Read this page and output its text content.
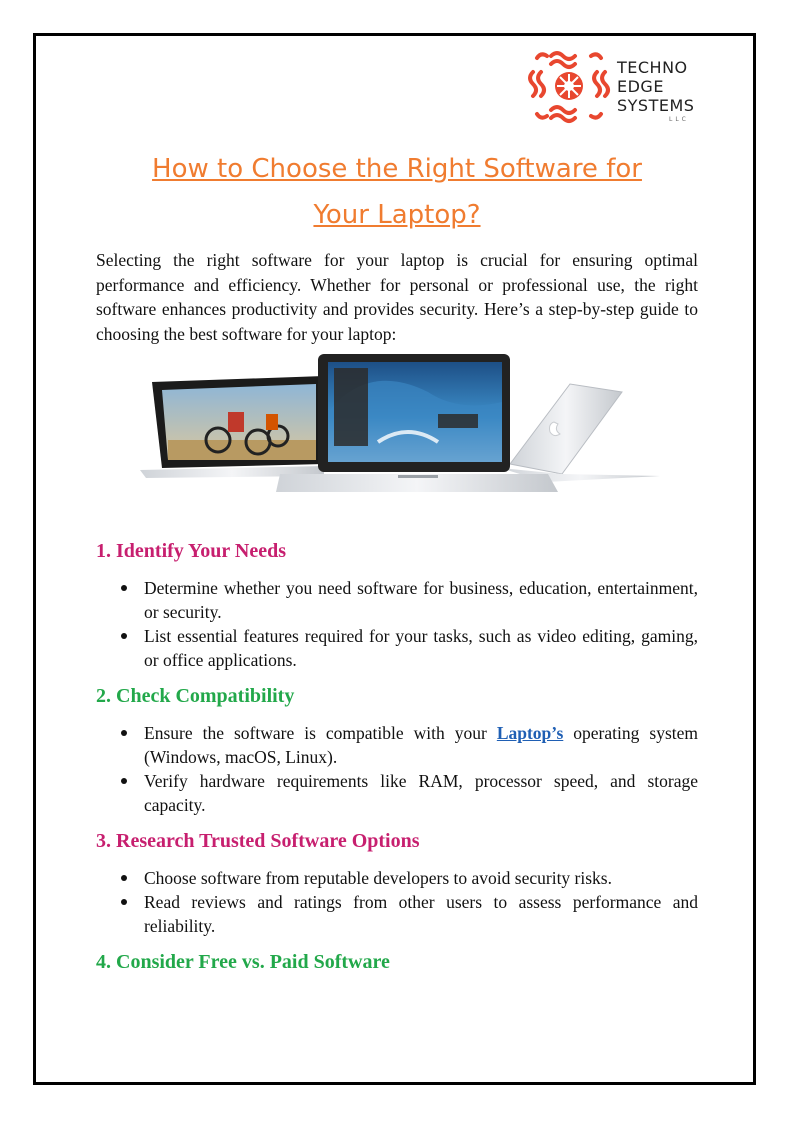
TECHNO
EDGE
SYSTEMS
LLC
How to Choose the Right Software for
Your Laptop?

Selecting the right software for your laptop is crucial for ensuring optimal performance and efficiency. Whether for personal or professional use, the right software enhances productivity and provides security. Here’s a step-by-step guide to choosing the best software for your laptop:

1. Identify Your Needs
Determine whether you need software for business, education, entertainment, or security.
List essential features required for your tasks, such as video editing, gaming, or office applications.
2. Check Compatibility
Ensure the software is compatible with your Laptop’s operating system (Windows, macOS, Linux).
Verify hardware requirements like RAM, processor speed, and storage capacity.
3. Research Trusted Software Options
Choose software from reputable developers to avoid security risks.
Read reviews and ratings from other users to assess performance and reliability.
4. Consider Free vs. Paid Software
